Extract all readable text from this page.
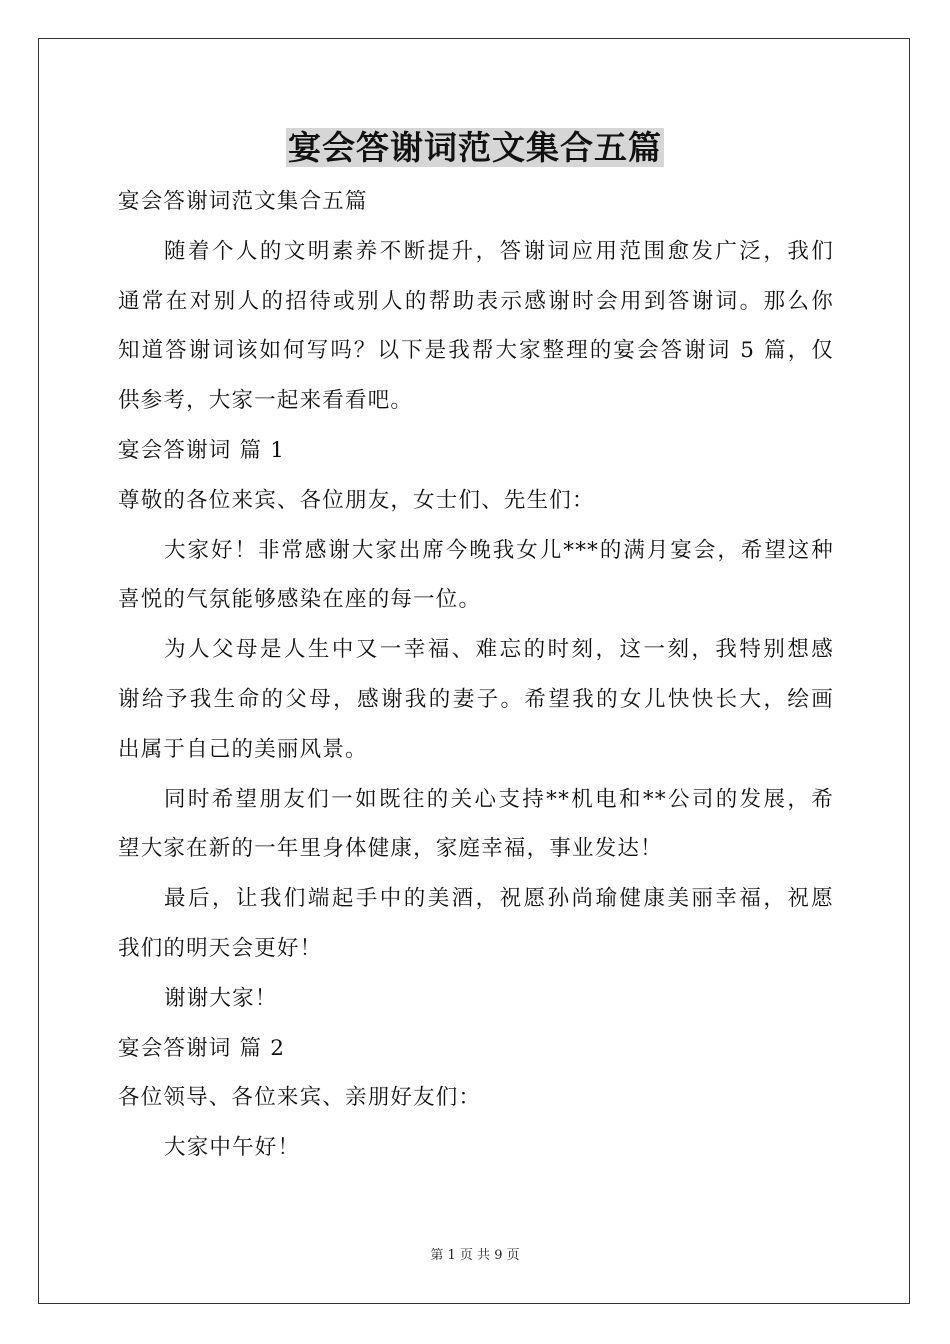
宴会答谢词范文集合五篇
宴会答谢词范文集合五篇
随着个人的文明素养不断提升，答谢词应用范围愈发广泛，我们
通常在对别人的招待或别人的帮助表示感谢时会用到答谢词。那么你
知道答谢词该如何写吗？以下是我帮大家整理的宴会答谢词 5 篇，仅
供参考，大家一起来看看吧。
宴会答谢词 篇 1
尊敬的各位来宾、各位朋友，女士们、先生们：
大家好！非常感谢大家出席今晚我女儿***的满月宴会，希望这种
喜悦的气氛能够感染在座的每一位。
为人父母是人生中又一幸福、难忘的时刻，这一刻，我特别想感
谢给予我生命的父母，感谢我的妻子。希望我的女儿快快长大，绘画
出属于自己的美丽风景。
同时希望朋友们一如既往的关心支持**机电和**公司的发展，希
望大家在新的一年里身体健康，家庭幸福，事业发达！
最后，让我们端起手中的美酒，祝愿孙尚瑜健康美丽幸福，祝愿
我们的明天会更好！
谢谢大家！
宴会答谢词 篇 2
各位领导、各位来宾、亲朋好友们：
大家中午好！
第 1 页 共 9 页
